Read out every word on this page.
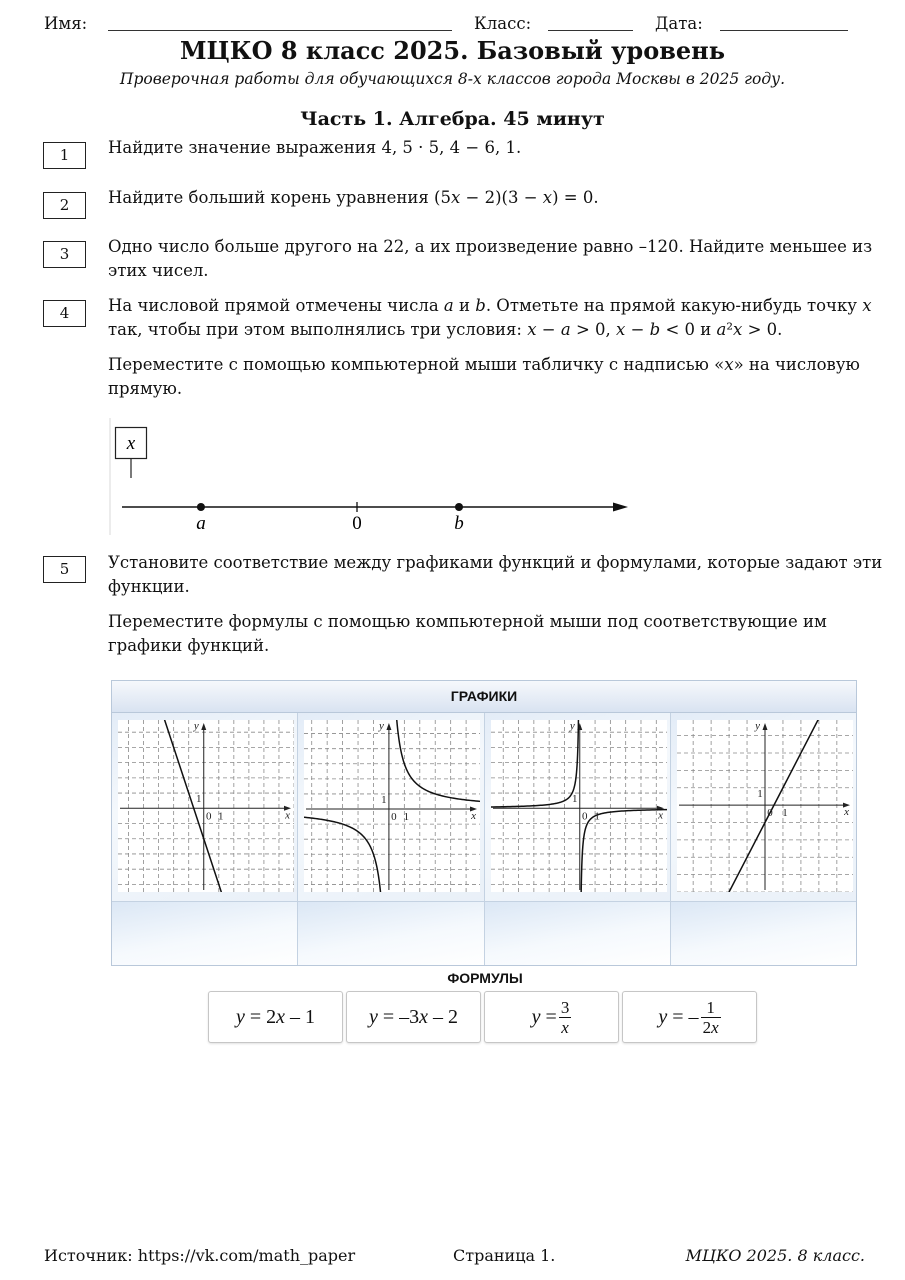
Имя:	Класс:	Дата:
МЦКО 8 класс 2025. Базовый уровень
Проверочная работы для обучающихся 8-х классов города Москвы в 2025 году.
Часть 1. Алгебра. 45 минут
1	Найдите значение выражения 4, 5 · 5, 4 − 6, 1.
2	Найдите больший корень уравнения (5x − 2)(3 − x) = 0.
3	Одно число больше другого на 22, а их произведение равно –120. Найдите меньшее из
этих чисел.
4	На числовой прямой отмечены числа a и b. Отметьте на прямой какую-нибудь точку x
так, чтобы при этом выполнялись три условия: x − a > 0, x − b < 0 и a²x > 0.
Переместите с помощью компьютерной мыши табличку с надписью «x» на числовую
прямую.
x
a	0	b
5	Установите соответствие между графиками функций и формулами, которые задают эти
функции.
Переместите формулы с помощью компьютерной мыши под соответствующие им
графики функций.
ГРАФИКИ
x
y
0 1
1
x
y
0 1
1
x
y
0 1
1
x
y
0 1
1
ФОРМУЛЫ
y = 2x – 1	y = –3x – 2	$y = \frac{3}{x}$	y = – $\frac{1}{2x}$
Источник: https://vk.com/math_paper	Страница 1.	МЦКО 2025. 8 класс.
